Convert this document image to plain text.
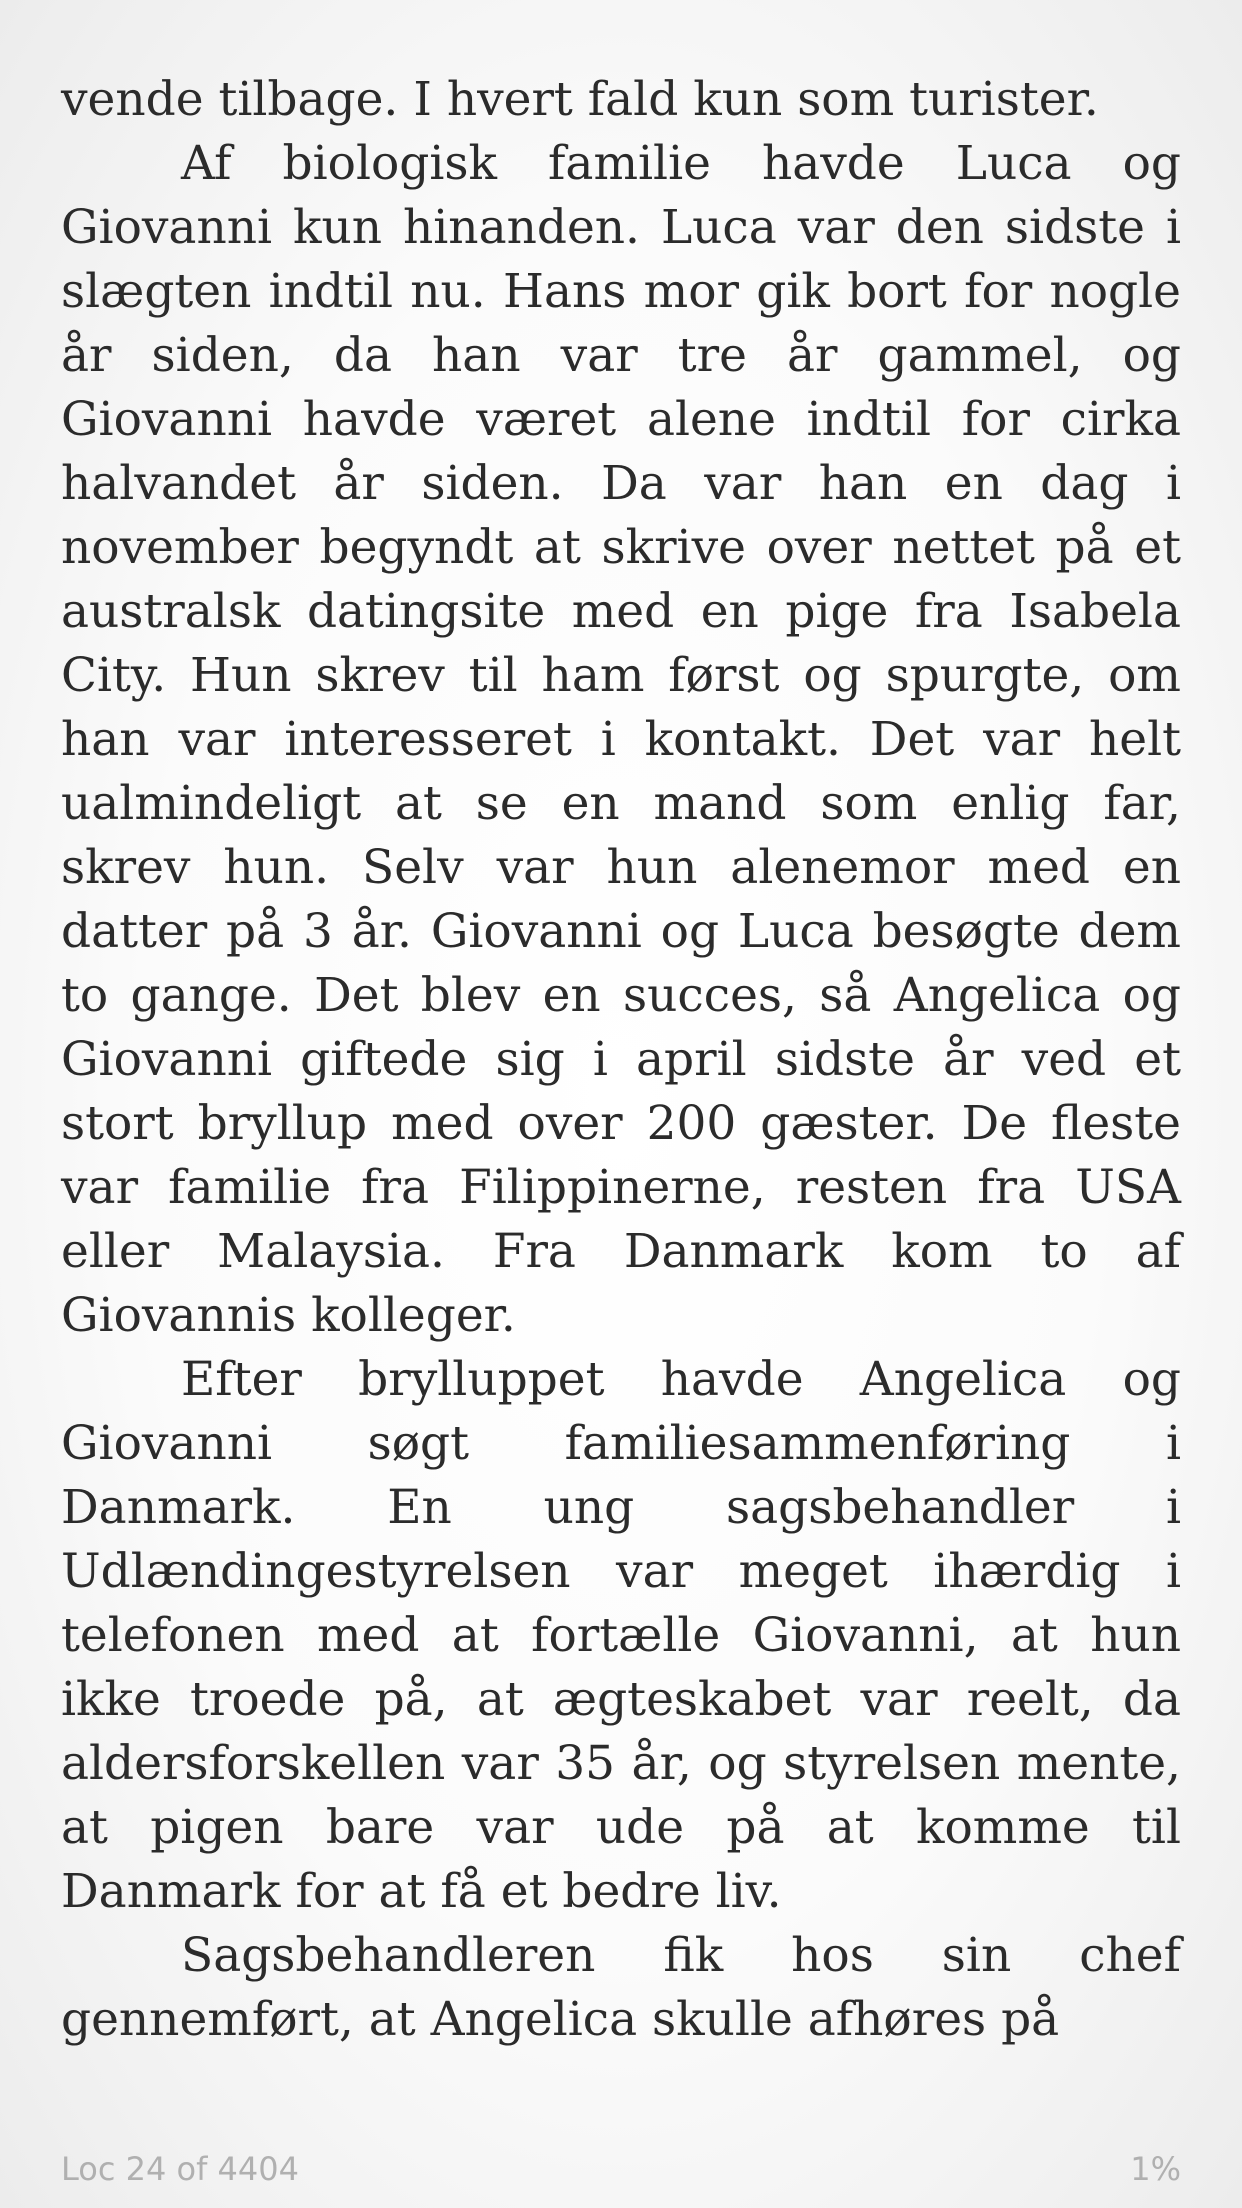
vende tilbage. I hvert fald kun som turister.

Af biologisk familie havde Luca og Giovanni kun hinanden. Luca var den sidste i slægten indtil nu. Hans mor gik bort for nogle år siden, da han var tre år gammel, og Giovanni havde været alene indtil for cirka halvandet år siden. Da var han en dag i november begyndt at skrive over nettet på et australsk datingsite med en pige fra Isabela City. Hun skrev til ham først og spurgte, om han var interesseret i kontakt. Det var helt ualmindeligt at se en mand som enlig far, skrev hun. Selv var hun alenemor med en datter på 3 år. Giovanni og Luca besøgte dem to gange. Det blev en succes, så Angelica og Giovanni giftede sig i april sidste år ved et stort bryllup med over 200 gæster. De fleste var familie fra Filippinerne, resten fra USA eller Malaysia. Fra Danmark kom to af Giovannis kolleger.

Efter brylluppet havde Angelica og Giovanni søgt familiesammenføring i Danmark. En ung sagsbehandler i Udlændingestyrelsen var meget ihærdig i telefonen med at fortælle Giovanni, at hun ikke troede på, at ægteskabet var reelt, da aldersforskellen var 35 år, og styrelsen mente, at pigen bare var ude på at komme til Danmark for at få et bedre liv.

Sagsbehandleren fik hos sin chef gennemført, at Angelica skulle afhøres på

Loc 24 of 4404	1%
